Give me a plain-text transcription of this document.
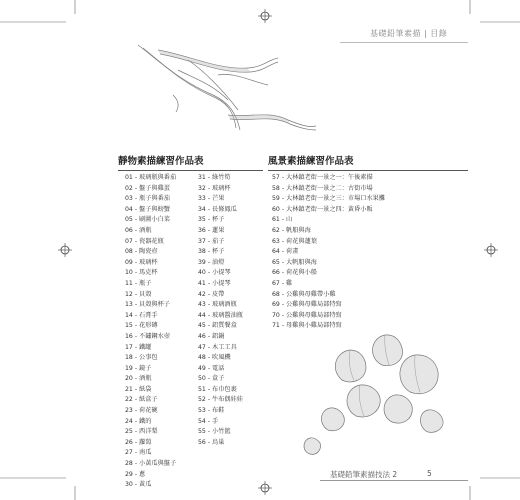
基礎鉛筆素描 | 目錄
靜物素描練習作品表
01 - 玻璃瓶與番茄
02 - 盤子與雞蛋
03 - 瓶子與番茄
04 - 盤子與螃蟹
05 - 刷圖小白菜
06 - 酒瓶
07 - 瓷器花瓶
08 - 陶瓷壺
09 - 玻璃杯
10 - 馬克杯
11 - 瓶子
12 - 貝殼
13 - 貝殼與杯子
14 - 石膏手
15 - 花形磚
16 - 不鏽鋼水壺
17 - 鐵罐
18 - 公事包
19 - 鏡子
20 - 酒瓶
21 - 紙袋
22 - 紙盒子
23 - 荷花碗
24 - 鐵的
25 - 西洋梨
26 - 蘿蔔
27 - 南瓜
28 - 小黃瓜與盤子
29 - 蔥
30 - 黃瓜
31 - 綠竹筍
32 - 玻璃杯
33 - 芒果
34 - 長條鳳瓜
35 - 杯子
36 - 蓮果
37 - 茄子
38 - 杯子
39 - 油燈
40 - 小提琴
41 - 小提琴
42 - 皮帶
43 - 玻璃酒瓶
44 - 玻璃醬油瓶
45 - 鋁質餐盒
46 - 鋁鍋
47 - 木工工具
48 - 吹風機
49 - 電話
50 - 盒子
51 - 布巾包裹
52 - 牛布偶娃娃
53 - 布鞋
54 - 手
55 - 小竹籃
56 - 烏巢
風景素描練習作品表
57 - 大林鎮老街一景之一：午後素描
58 - 大林鎮老街一景之二：古街市場
59 - 大林鎮老街一景之三：市場口水果攤
60 - 大林鎮老街一景之四：黃昏小販
61 - 山
62 - 帆船與海
63 - 荷花與蓮葉
64 - 荷畫
65 - 大帆船與海
66 - 荷花與小船
67 - 雞
68 - 公雞與母雞帶小雞
69 - 公雞與母雞局部特寫
70 - 公雞與母雞局部特寫
71 - 母雞與小雞局部特寫
基礎鉛筆素描技法 2	5
